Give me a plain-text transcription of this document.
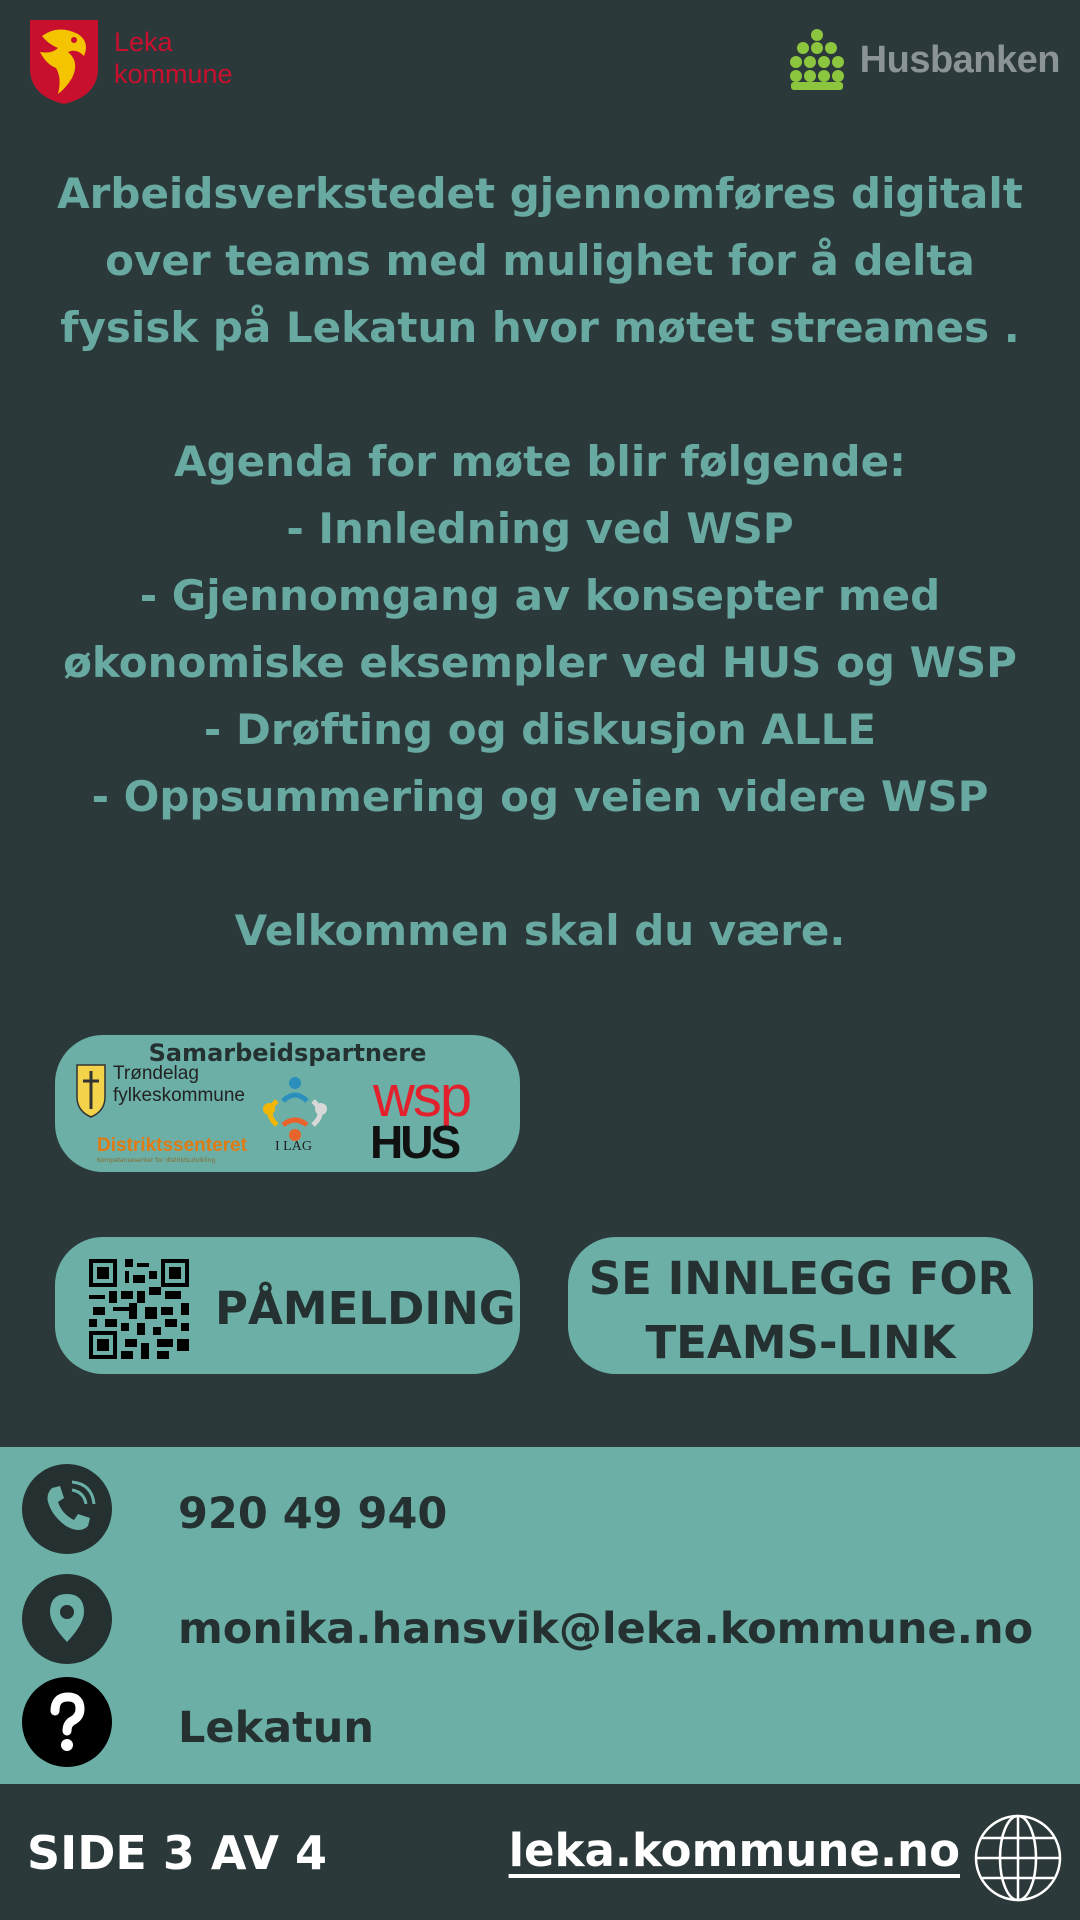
Leka
kommune	Husbanken
Arbeidsverkstedet gjennomføres digitalt
over teams med mulighet for å delta
fysisk på Lekatun hvor møtet streames .
Agenda for møte blir følgende:
- Innledning ved WSP
- Gjennomgang av konsepter med
økonomiske eksempler ved HUS og WSP
- Drøfting og diskusjon ALLE
- Oppsummering og veien videre WSP
Velkommen skal du være.
Samarbeidspartnere
Trøndelag
fylkeskommune
Distriktssenteret
Kompetansesenter for distriktsutvikling
I LAG
wsp
HUS
PÅMELDING
SE INNLEGG FOR
TEAMS-LINK
920 49 940
monika.hansvik@leka.kommune.no
Lekatun
SIDE 3 AV 4	leka.kommune.no
